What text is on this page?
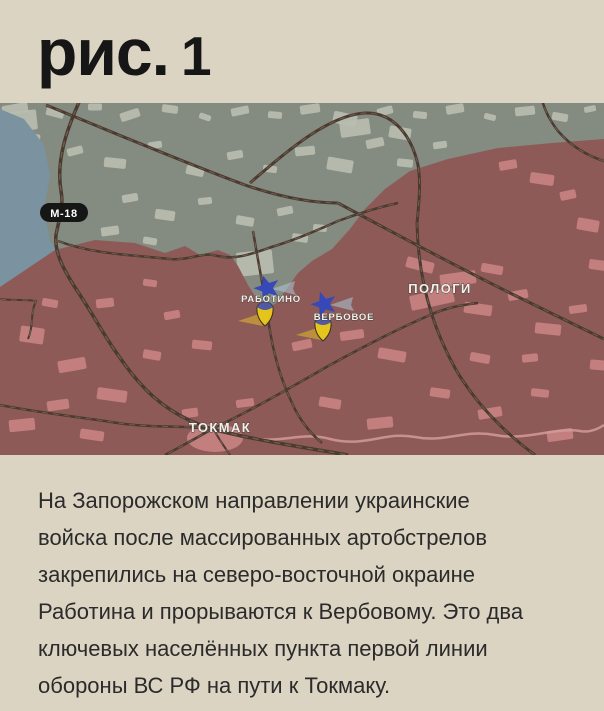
рис. 1
М-18
РАБОТИНО
ВЕРБОВОЕ
ПОЛОГИ
ТОКМАК
На Запорожском направлении украинские
войска после массированных артобстрелов
закрепились на северо-восточной окраине
Работина и прорываются к Вербовому. Это два
ключевых населённых пункта первой линии
обороны ВС РФ на пути к Токмаку.
